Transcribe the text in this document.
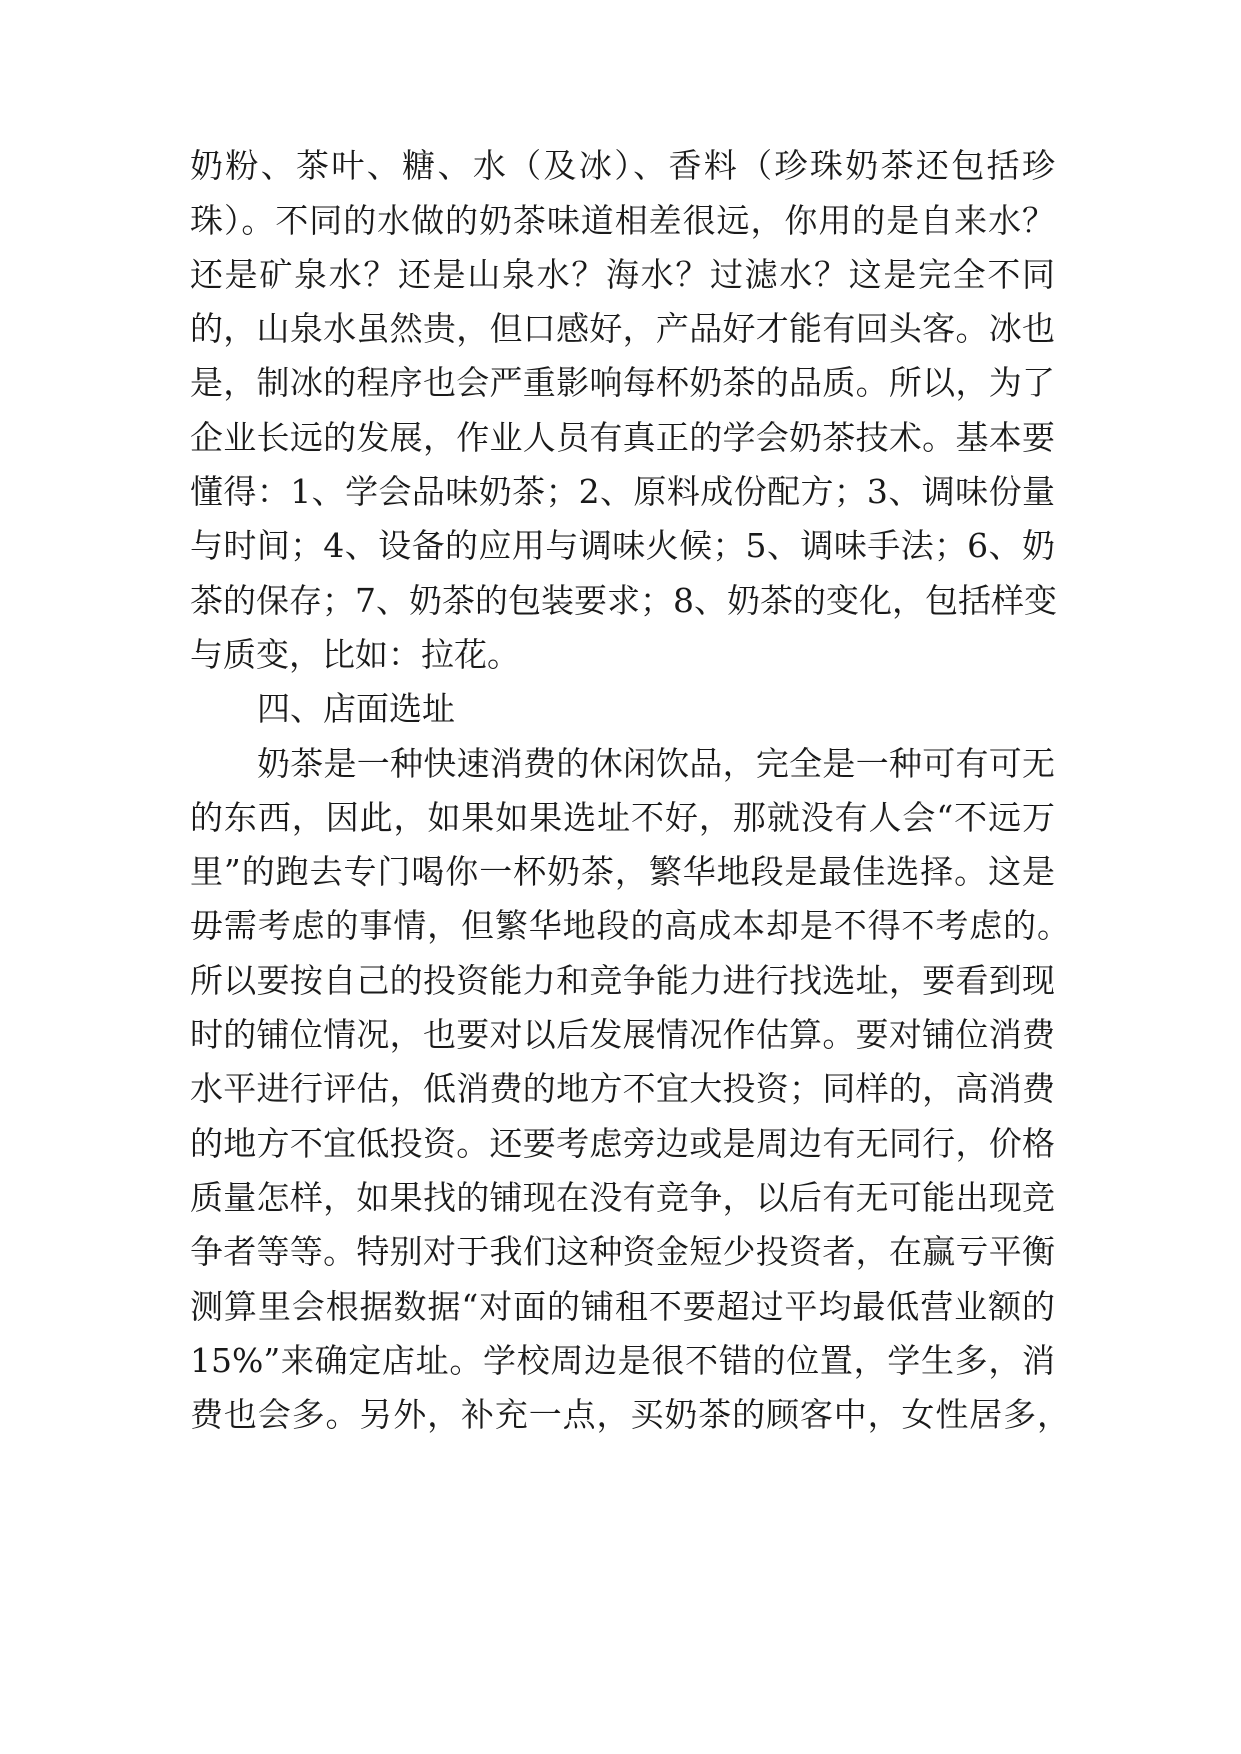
奶粉、茶叶、糖、水（及冰）、香料（珍珠奶茶还包括珍
珠）。不同的水做的奶茶味道相差很远，你用的是自来水？
还是矿泉水？还是山泉水？海水？过滤水？这是完全不同
的，山泉水虽然贵，但口感好，产品好才能有回头客。冰也
是，制冰的程序也会严重影响每杯奶茶的品质。所以，为了
企业长远的发展，作业人员有真正的学会奶茶技术。基本要
懂得：1、学会品味奶茶；2、原料成份配方；3、调味份量
与时间；4、设备的应用与调味火候；5、调味手法；6、奶
茶的保存；7、奶茶的包装要求；8、奶茶的变化，包括样变
与质变，比如：拉花。
四、店面选址
奶茶是一种快速消费的休闲饮品，完全是一种可有可无
的东西，因此，如果如果选址不好，那就没有人会“不远万
里”的跑去专门喝你一杯奶茶，繁华地段是最佳选择。这是
毋需考虑的事情，但繁华地段的高成本却是不得不考虑的。
所以要按自己的投资能力和竞争能力进行找选址，要看到现
时的铺位情况，也要对以后发展情况作估算。要对铺位消费
水平进行评估，低消费的地方不宜大投资；同样的，高消费
的地方不宜低投资。还要考虑旁边或是周边有无同行，价格
质量怎样，如果找的铺现在没有竞争，以后有无可能出现竞
争者等等。特别对于我们这种资金短少投资者，在赢亏平衡
测算里会根据数据“对面的铺租不要超过平均最低营业额的
15%”来确定店址。学校周边是很不错的位置，学生多，消
费也会多。另外，补充一点，买奶茶的顾客中，女性居多，
